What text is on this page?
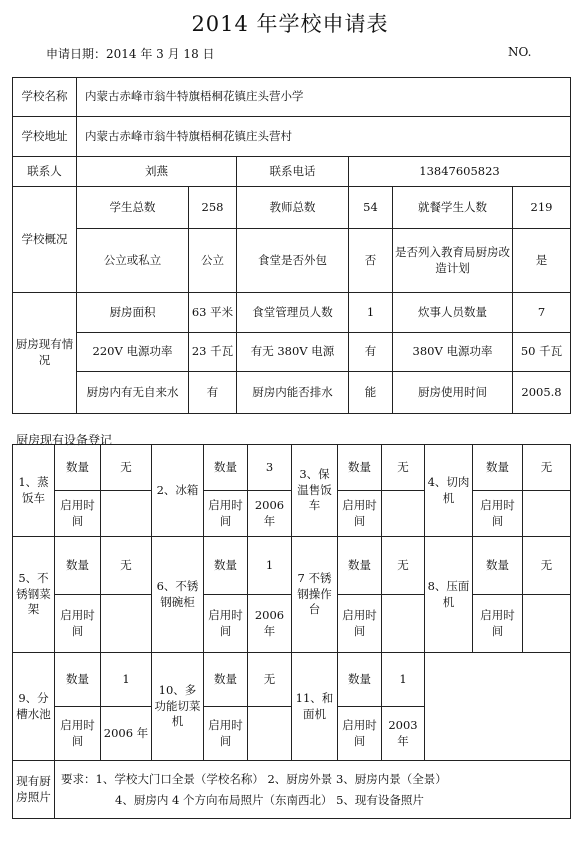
2014 年学校申请表
申请日期：2014 年 3 月 18 日	NO.
学校名称	内蒙古赤峰市翁牛特旗梧桐花镇庄头营小学					
学校地址	内蒙古赤峰市翁牛特旗梧桐花镇庄头营村					
联系人	刘燕		联系电话	13847605823		
学校概况	学生总数	258	教师总数	54	就餐学生人数	219
	公立或私立	公立	食堂是否外包	否	是否列入教育局厨房改造计划	是
厨房现有情况	厨房面积	63 平米	食堂管理员人数	1	炊事人员数量	7
	220V 电源功率	23 千瓦	有无 380V 电源	有	380V 电源功率	50 千瓦
	厨房内有无自来水	有	厨房内能否排水	能	厨房使用时间	2005.8
厨房现有设备登记
1、蒸饭车	数量	无	2、冰箱	数量	3	3、保温售饭车	数量	无	4、切肉机	数量	无
	启用时间			启用时间	2006 年		启用时间			启用时间	
5、不锈钢菜架	数量	无	6、不锈钢碗柜	数量	1	7 不锈钢操作台	数量	无	8、压面机	数量	无
	启用时间			启用时间	2006 年		启用时间			启用时间	
9、分槽水池	数量	1	10、多功能切菜机	数量	无	11、和面机	数量	1			
	启用时间	2006 年		启用时间			启用时间	2003 年			
现有厨房照片	要求：1、学校大门口全景（学校名称） 2、厨房外景 3、厨房内景（全景）
4、厨房内 4 个方向布局照片（东南西北） 5、现有设备照片										
